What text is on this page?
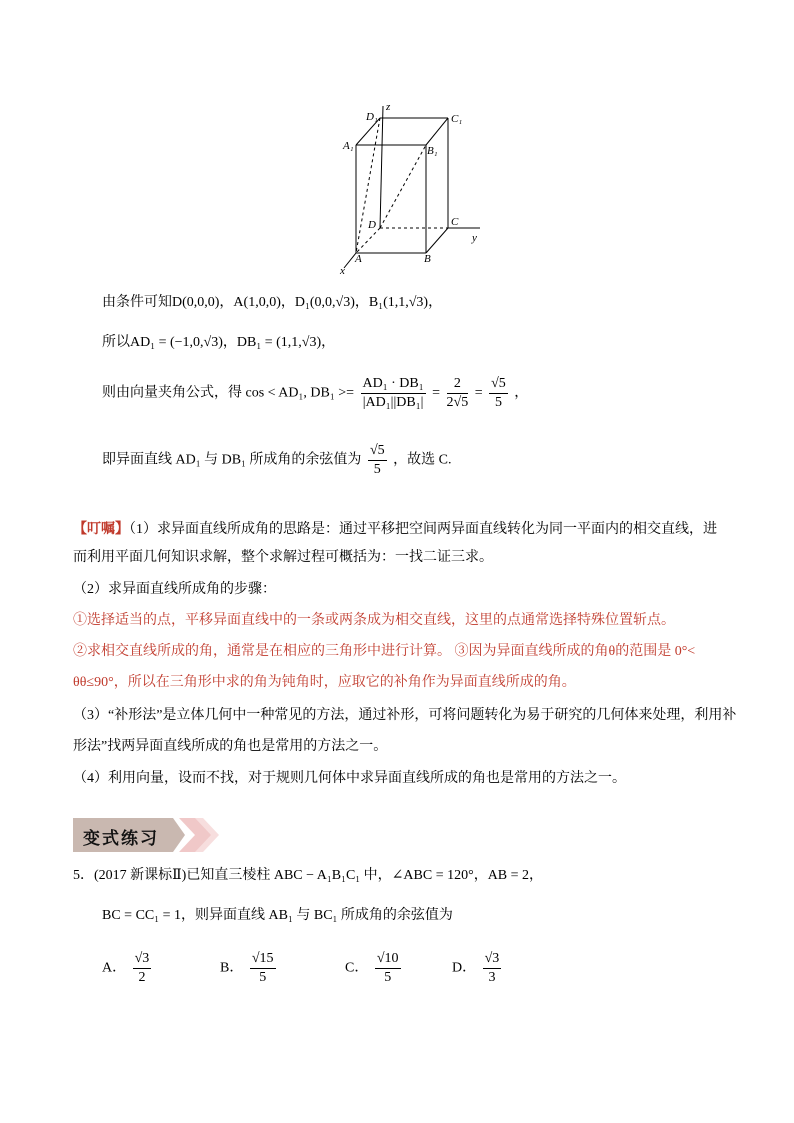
D₁
z
C₁
A₁	B₁
D	C
y
A	B
x
由条件可知D(0,0,0)，A(1,0,0)，D₁(0,0,√3)，B₁(1,1,√3)，
所以AD₁ = (−1,0,√3)，DB₁ = (1,1,√3)，
则由向量夹角公式，得 cos < AD₁, $DB_1 >= \frac{\text{AD₁ · DB₁}}{\text{|AD₁||DB₁|}} = \frac{2}{2√5} = \frac{√5}{5}$ ，
即异面直线 AD₁ 与 DB₁ 所成角的余弦值为 $\frac{√5}{5}$ ，故选 C.
【叮嘱】（1）求异面直线所成角的思路是：通过平移把空间两异面直线转化为同一平面内的相交直线，进
而利用平面几何知识求解，整个求解过程可概括为：一找二证三求。
（2）求异面直线所成角的步骤：
①选择适当的点，平移异面直线中的一条或两条成为相交直线，这里的点通常选择特殊位置斩点。
②求相交直线所成的角，通常是在相应的三角形中进行计算。 ③因为异面直线所成的角θ的范围是 0°<
θθ≤90°，所以在三角形中求的角为钝角时，应取它的补角作为异面直线所成的角。
（3）“补形法”是立体几何中一种常见的方法，通过补形，可将问题转化为易于研究的几何体来处理，利用补
形法”找两异面直线所成的角也是常用的方法之一。
（4）利用向量，设而不找，对于规则几何体中求异面直线所成的角也是常用的方法之一。
变式练习
5．(2017 新课标Ⅱ)已知直三棱柱 ABC − A₁B₁C₁ 中，∠ABC = 120°，AB = 2，
BC = CC₁ = 1，则异面直线 AB₁ 与 BC₁ 所成角的余弦值为
A． $\frac{√3}{2}$	B． $\frac{√15}{5}$	C． $\frac{√10}{5}$	D． $\frac{√3}{3}$
